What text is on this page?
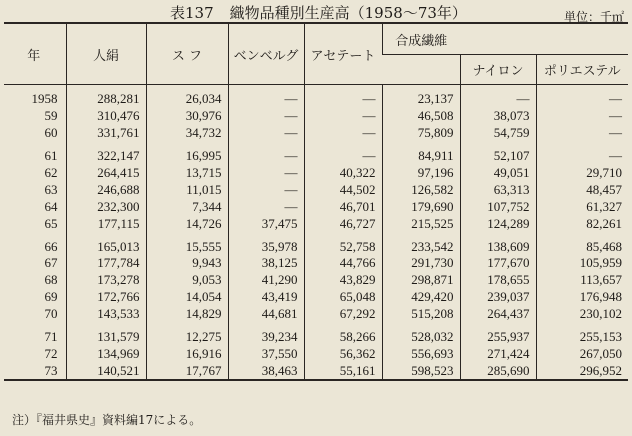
表137 織物品種別生産高（1958～73年）	単位：千㎡
年	人絹	ス フ	ベンベルグ	アセテート	合成繊維		
						ナイロン	ポリエステル
1958	288,281	26,034	—	—	23,137	—	—
59	310,476	30,976	—	—	46,508	38,073	—
60	331,761	34,732	—	—	75,809	54,759	—
61	322,147	16,995	—	—	84,911	52,107	—
62	264,415	13,715	—	40,322	97,196	49,051	29,710
63	246,688	11,015	—	44,502	126,582	63,313	48,457
64	232,300	7,344	—	46,701	179,690	107,752	61,327
65	177,115	14,726	37,475	46,727	215,525	124,289	82,261
66	165,013	15,555	35,978	52,758	233,542	138,609	85,468
67	177,784	9,943	38,125	44,766	291,730	177,670	105,959
68	173,278	9,053	41,290	43,829	298,871	178,655	113,657
69	172,766	14,054	43,419	65,048	429,420	239,037	176,948
70	143,533	14,829	44,681	67,292	515,208	264,437	230,102
71	131,579	12,275	39,234	58,266	528,032	255,937	255,153
72	134,969	16,916	37,550	56,362	556,693	271,424	267,050
73	140,521	17,767	38,463	55,161	598,523	285,690	296,952
注）『福井県史』資料編17による。
